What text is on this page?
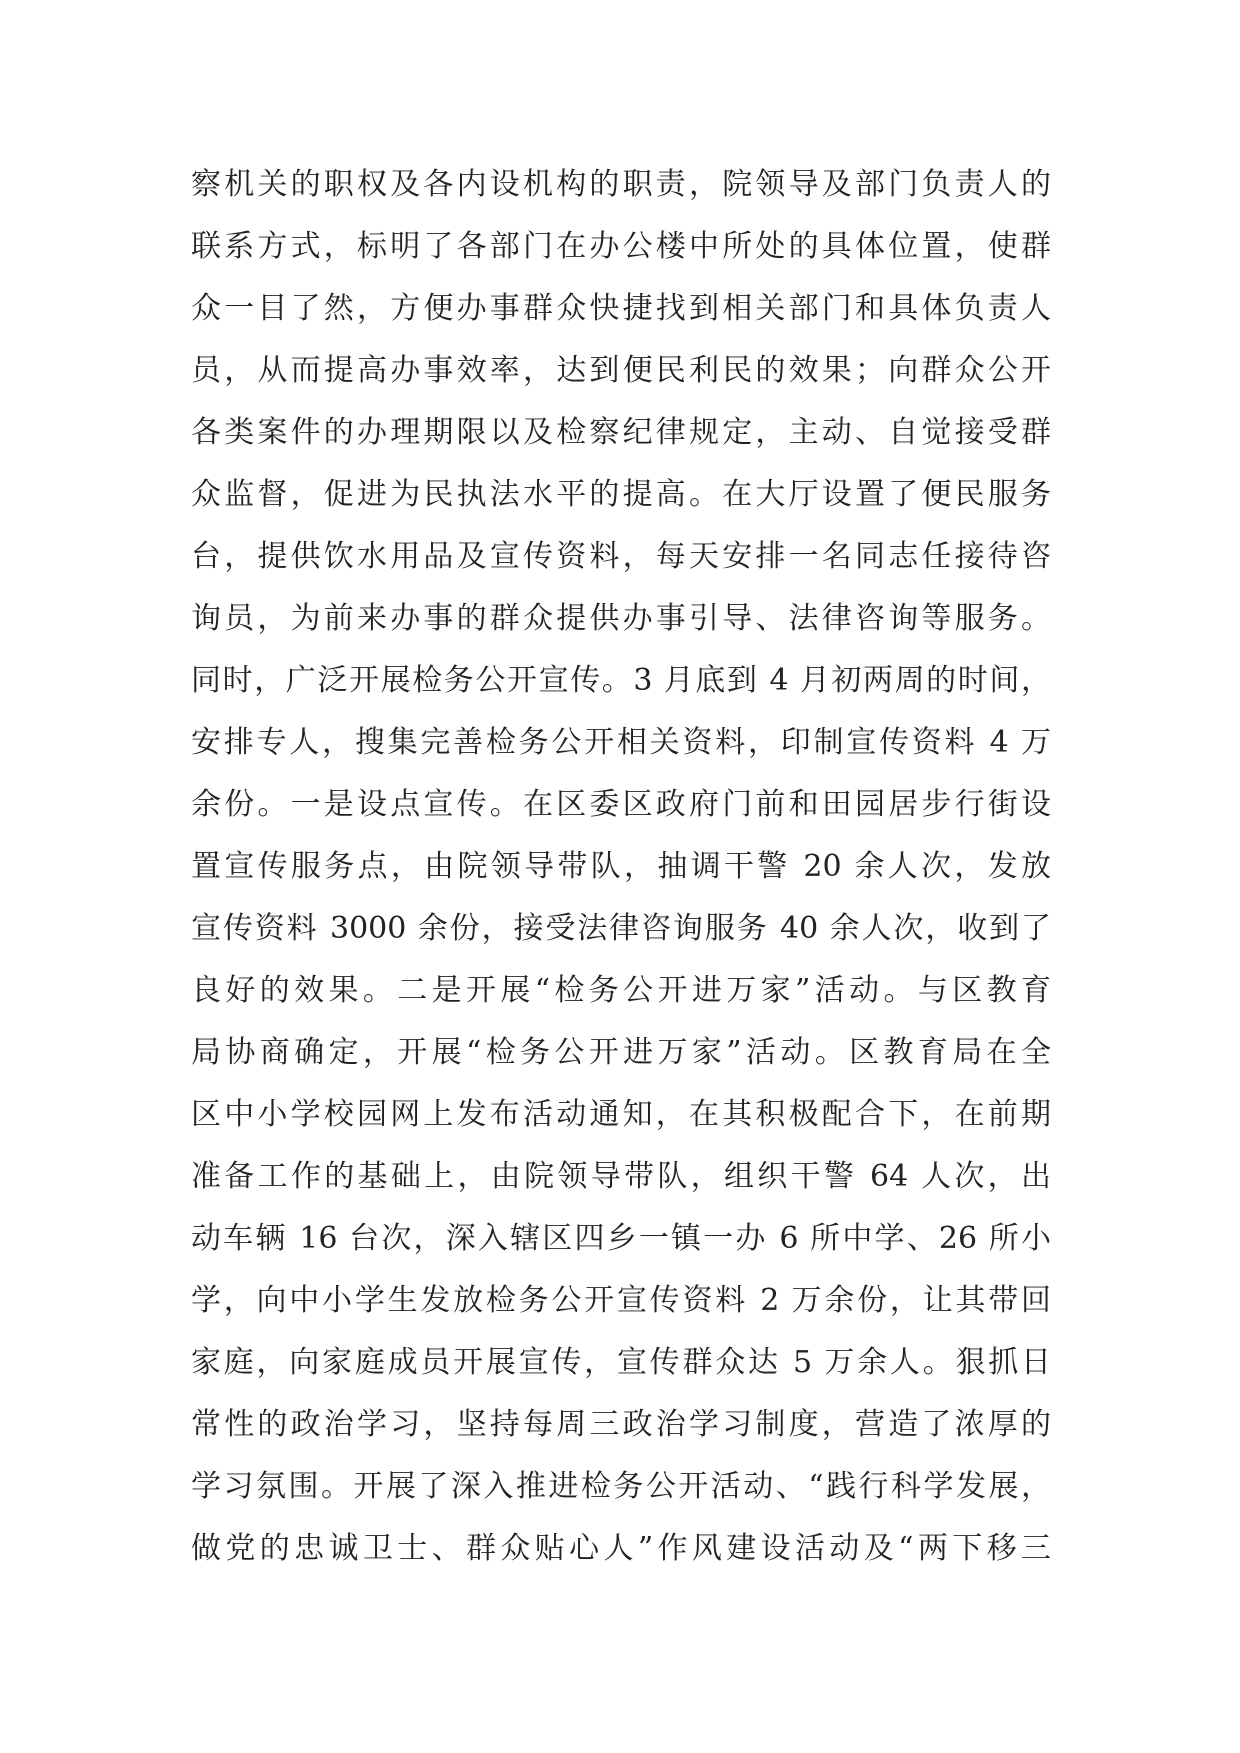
察机关的职权及各内设机构的职责，院领导及部门负责人的
联系方式，标明了各部门在办公楼中所处的具体位置，使群
众一目了然，方便办事群众快捷找到相关部门和具体负责人
员，从而提高办事效率，达到便民利民的效果；向群众公开
各类案件的办理期限以及检察纪律规定，主动、自觉接受群
众监督，促进为民执法水平的提高。在大厅设置了便民服务
台，提供饮水用品及宣传资料，每天安排一名同志任接待咨
询员，为前来办事的群众提供办事引导、法律咨询等服务。
同时，广泛开展检务公开宣传。3 月底到 4 月初两周的时间，
安排专人，搜集完善检务公开相关资料，印制宣传资料 4 万
余份。一是设点宣传。在区委区政府门前和田园居步行街设
置宣传服务点，由院领导带队，抽调干警 20 余人次，发放
宣传资料 3000 余份，接受法律咨询服务 40 余人次，收到了
良好的效果。二是开展“检务公开进万家”活动。与区教育
局协商确定，开展“检务公开进万家”活动。区教育局在全
区中小学校园网上发布活动通知，在其积极配合下，在前期
准备工作的基础上，由院领导带队，组织干警 64 人次，出
动车辆 16 台次，深入辖区四乡一镇一办 6 所中学、26 所小
学，向中小学生发放检务公开宣传资料 2 万余份，让其带回
家庭，向家庭成员开展宣传，宣传群众达 5 万余人。狠抓日
常性的政治学习，坚持每周三政治学习制度，营造了浓厚的
学习氛围。开展了深入推进检务公开活动、“践行科学发展，
做党的忠诚卫士、群众贴心人”作风建设活动及“两下移三
